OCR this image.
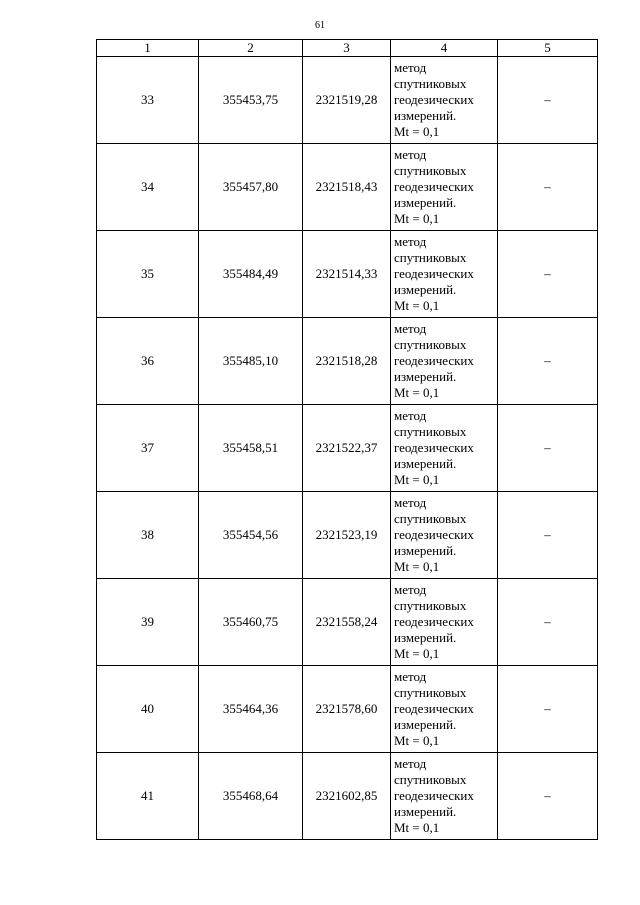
61
1	2	3	4	5
33	355453,75	2321519,28	метод
спутниковых
геодезических
измерений.
Mt = 0,1	–
34	355457,80	2321518,43	метод
спутниковых
геодезических
измерений.
Mt = 0,1	–
35	355484,49	2321514,33	метод
спутниковых
геодезических
измерений.
Mt = 0,1	–
36	355485,10	2321518,28	метод
спутниковых
геодезических
измерений.
Mt = 0,1	–
37	355458,51	2321522,37	метод
спутниковых
геодезических
измерений.
Mt = 0,1	–
38	355454,56	2321523,19	метод
спутниковых
геодезических
измерений.
Mt = 0,1	–
39	355460,75	2321558,24	метод
спутниковых
геодезических
измерений.
Mt = 0,1	–
40	355464,36	2321578,60	метод
спутниковых
геодезических
измерений.
Mt = 0,1	–
41	355468,64	2321602,85	метод
спутниковых
геодезических
измерений.
Mt = 0,1	–
